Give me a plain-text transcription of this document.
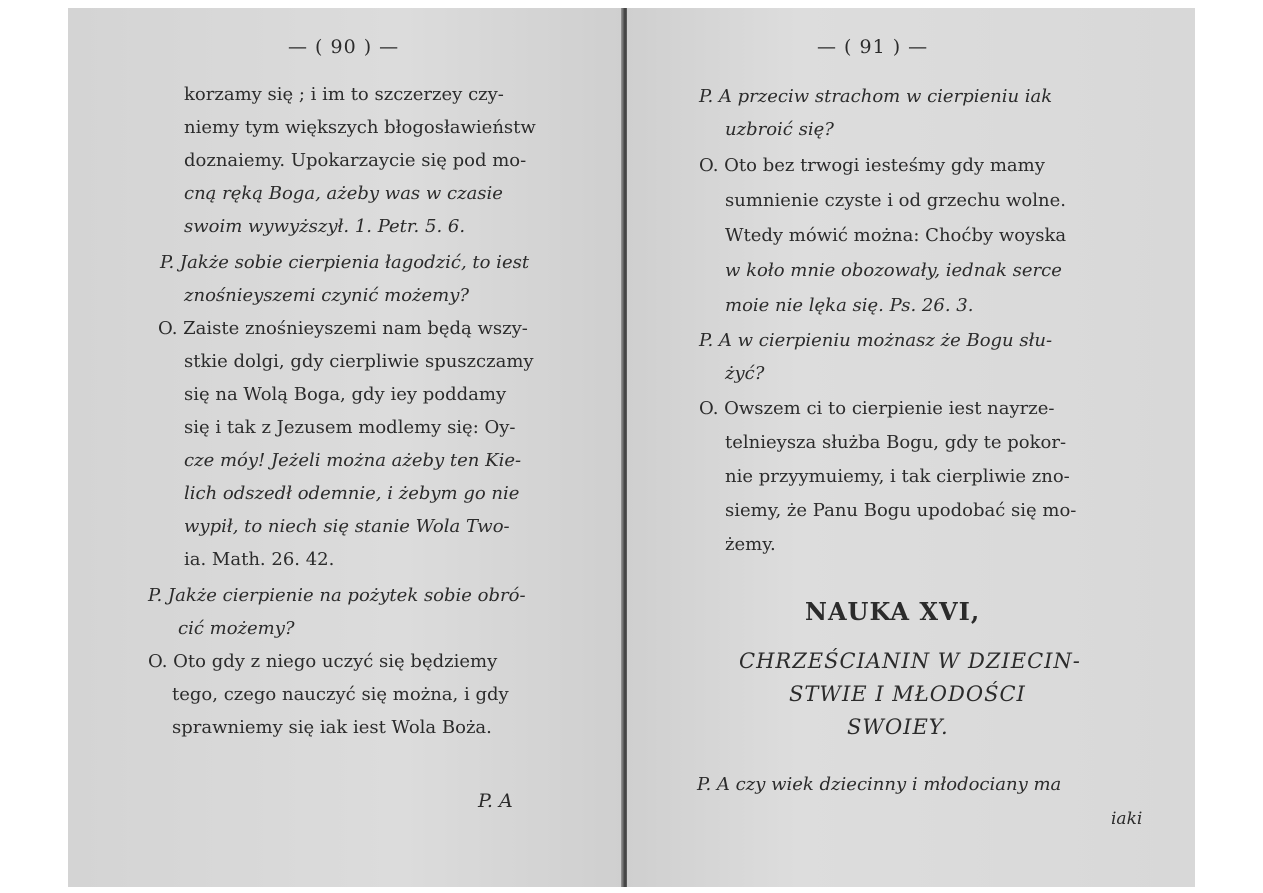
— ( 90 ) —
korzamy się ; i im to szczerzey czy-
niemy tym większych błogosławieństw
doznaiemy. Upokarzaycie się pod mo-
cną ręką Boga, ażeby was w czasie
swoim wywyższył. 1. Petr. 5. 6.
P. Jakże sobie cierpienia łagodzić, to iest
znośnieyszemi czynić możemy?
O. Zaiste znośnieyszemi nam będą wszy-
stkie dolgi, gdy cierpliwie spuszczamy
się na Wolą Boga, gdy iey poddamy
się i tak z Jezusem modlemy się: Oy-
cze móy! Jeżeli można ażeby ten Kie-
lich odszedł odemnie, i żebym go nie
wypił, to niech się stanie Wola Two-
ia. Math. 26. 42.
P. Jakże cierpienie na pożytek sobie obró-
cić możemy?
O. Oto gdy z niego uczyć się będziemy
tego, czego nauczyć się można, i gdy
sprawniemy się iak iest Wola Boża.
P. A
— ( 91 ) —
P. A przeciw strachom w cierpieniu iak
uzbroić się?
O. Oto bez trwogi iesteśmy gdy mamy
sumnienie czyste i od grzechu wolne.
Wtedy mówić można: Choćby woyska
w koło mnie obozowały, iednak serce
moie nie lęka się. Ps. 26. 3.
P. A w cierpieniu możnasz że Bogu słu-
żyć?
O. Owszem ci to cierpienie iest nayrze-
telnieysza służba Bogu, gdy te pokor-
nie przyymuiemy, i tak cierpliwie zno-
siemy, że Panu Bogu upodobać się mo-
żemy.
NAUKA XVI,
CHRZEŚCIANIN W DZIECIN-
STWIE I MŁODOŚCI
SWOIEY.
P. A czy wiek dziecinny i młodociany ma
iaki
